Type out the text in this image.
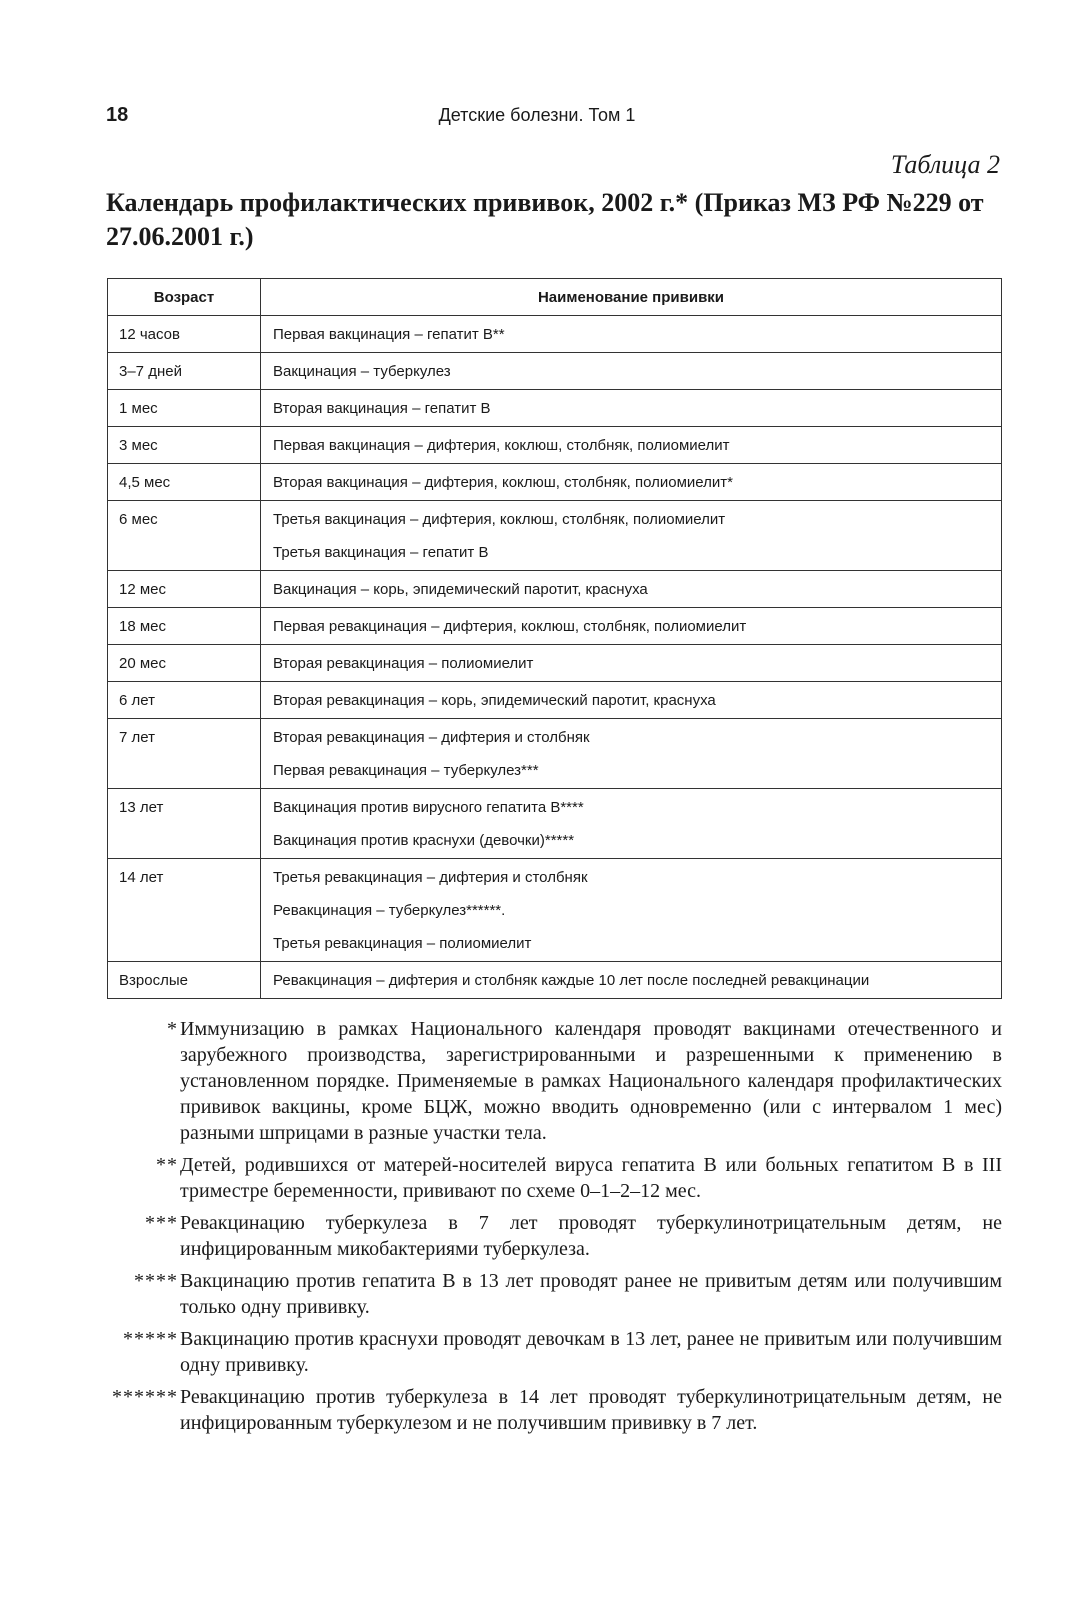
18	Детские болезни. Том 1
Таблица 2
Календарь профилактических прививок, 2002 г.* (Приказ МЗ РФ №229 от 27.06.2001 г.)
Возраст	Наименование прививки
12 часов	Первая вакцинация – гепатит В**

3–7 дней	Вакцинация – туберкулез

1 мес	Вторая вакцинация – гепатит В

3 мес	Первая вакцинация – дифтерия, коклюш, столбняк, полиомиелит

4,5 мес	Вторая вакцинация – дифтерия, коклюш, столбняк, полиомиелит*

6 мес	Третья вакцинация – дифтерия, коклюш, столбняк, полиомиелит
Третья вакцинация – гепатит В

12 мес	Вакцинация – корь, эпидемический паротит, краснуха

18 мес	Первая ревакцинация – дифтерия, коклюш, столбняк, полиомиелит

20 мес	Вторая ревакцинация – полиомиелит

6 лет	Вторая ревакцинация – корь, эпидемический паротит, краснуха

7 лет	Вторая ревакцинация – дифтерия и столбняк
Первая ревакцинация – туберкулез***

13 лет	Вакцинация против вирусного гепатита В****
Вакцинация против краснухи (девочки)*****

14 лет	Третья ревакцинация – дифтерия и столбняк
Ревакцинация – туберкулез******.
Третья ревакцинация – полиомиелит

Взрослые	Ревакцинация – дифтерия и столбняк каждые 10 лет после последней ревакцинации
* Иммунизацию в рамках Национального календаря проводят вакцинами отечественного и зарубежного производства, зарегистрированными и разрешенными к применению в установленном порядке. Применяемые в рамках Национального календаря профилактических прививок вакцины, кроме БЦЖ, можно вводить одновременно (или с интервалом 1 мес) разными шприцами в разные участки тела.
** Детей, родившихся от матерей-носителей вируса гепатита В или больных гепатитом В в III триместре беременности, прививают по схеме 0–1–2–12 мес.
*** Ревакцинацию туберкулеза в 7 лет проводят туберкулинотрицательным детям, не инфицированным микобактериями туберкулеза.
**** Вакцинацию против гепатита В в 13 лет проводят ранее не привитым детям или получившим только одну прививку.
***** Вакцинацию против краснухи проводят девочкам в 13 лет, ранее не привитым или получившим одну прививку.
****** Ревакцинацию против туберкулеза в 14 лет проводят туберкулинотрицательным детям, не инфицированным туберкулезом и не получившим прививку в 7 лет.
